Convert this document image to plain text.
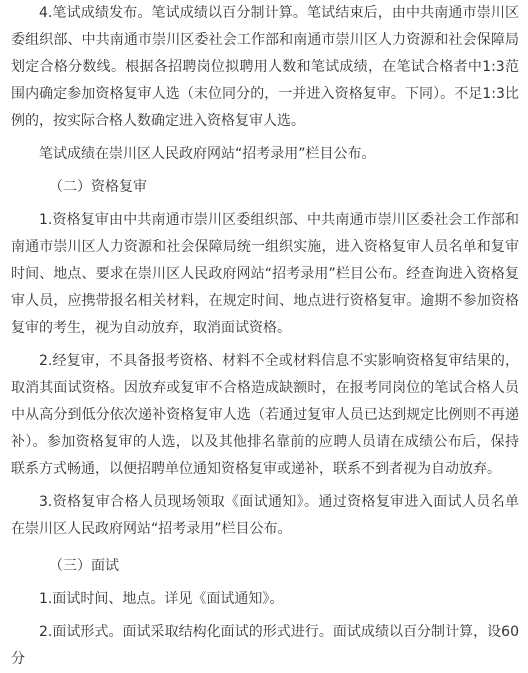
4.笔试成绩发布。笔试成绩以百分制计算。笔试结束后，由中共南通市崇川区委组织部、中共南通市崇川区委社会工作部和南通市崇川区人力资源和社会保障局划定合格分数线。根据各招聘岗位拟聘用人数和笔试成绩，在笔试合格者中1:3范围内确定参加资格复审人选（末位同分的，一并进入资格复审。下同）。不足1:3比例的，按实际合格人数确定进入资格复审人选。

笔试成绩在崇川区人民政府网站“招考录用”栏目公布。

（二）资格复审

1.资格复审由中共南通市崇川区委组织部、中共南通市崇川区委社会工作部和南通市崇川区人力资源和社会保障局统一组织实施，进入资格复审人员名单和复审时间、地点、要求在崇川区人民政府网站“招考录用”栏目公布。经查询进入资格复审人员，应携带报名相关材料，在规定时间、地点进行资格复审。逾期不参加资格复审的考生，视为自动放弃，取消面试资格。

2.经复审，不具备报考资格、材料不全或材料信息不实影响资格复审结果的，取消其面试资格。因放弃或复审不合格造成缺额时，在报考同岗位的笔试合格人员中从高分到低分依次递补资格复审人选（若通过复审人员已达到规定比例则不再递补）。参加资格复审的人选，以及其他排名靠前的应聘人员请在成绩公布后，保持联系方式畅通，以便招聘单位通知资格复审或递补，联系不到者视为自动放弃。

3.资格复审合格人员现场领取《面试通知》。通过资格复审进入面试人员名单在崇川区人民政府网站“招考录用”栏目公布。

（三）面试

1.面试时间、地点。详见《面试通知》。

2.面试形式。面试采取结构化面试的形式进行。面试成绩以百分制计算，设60分
